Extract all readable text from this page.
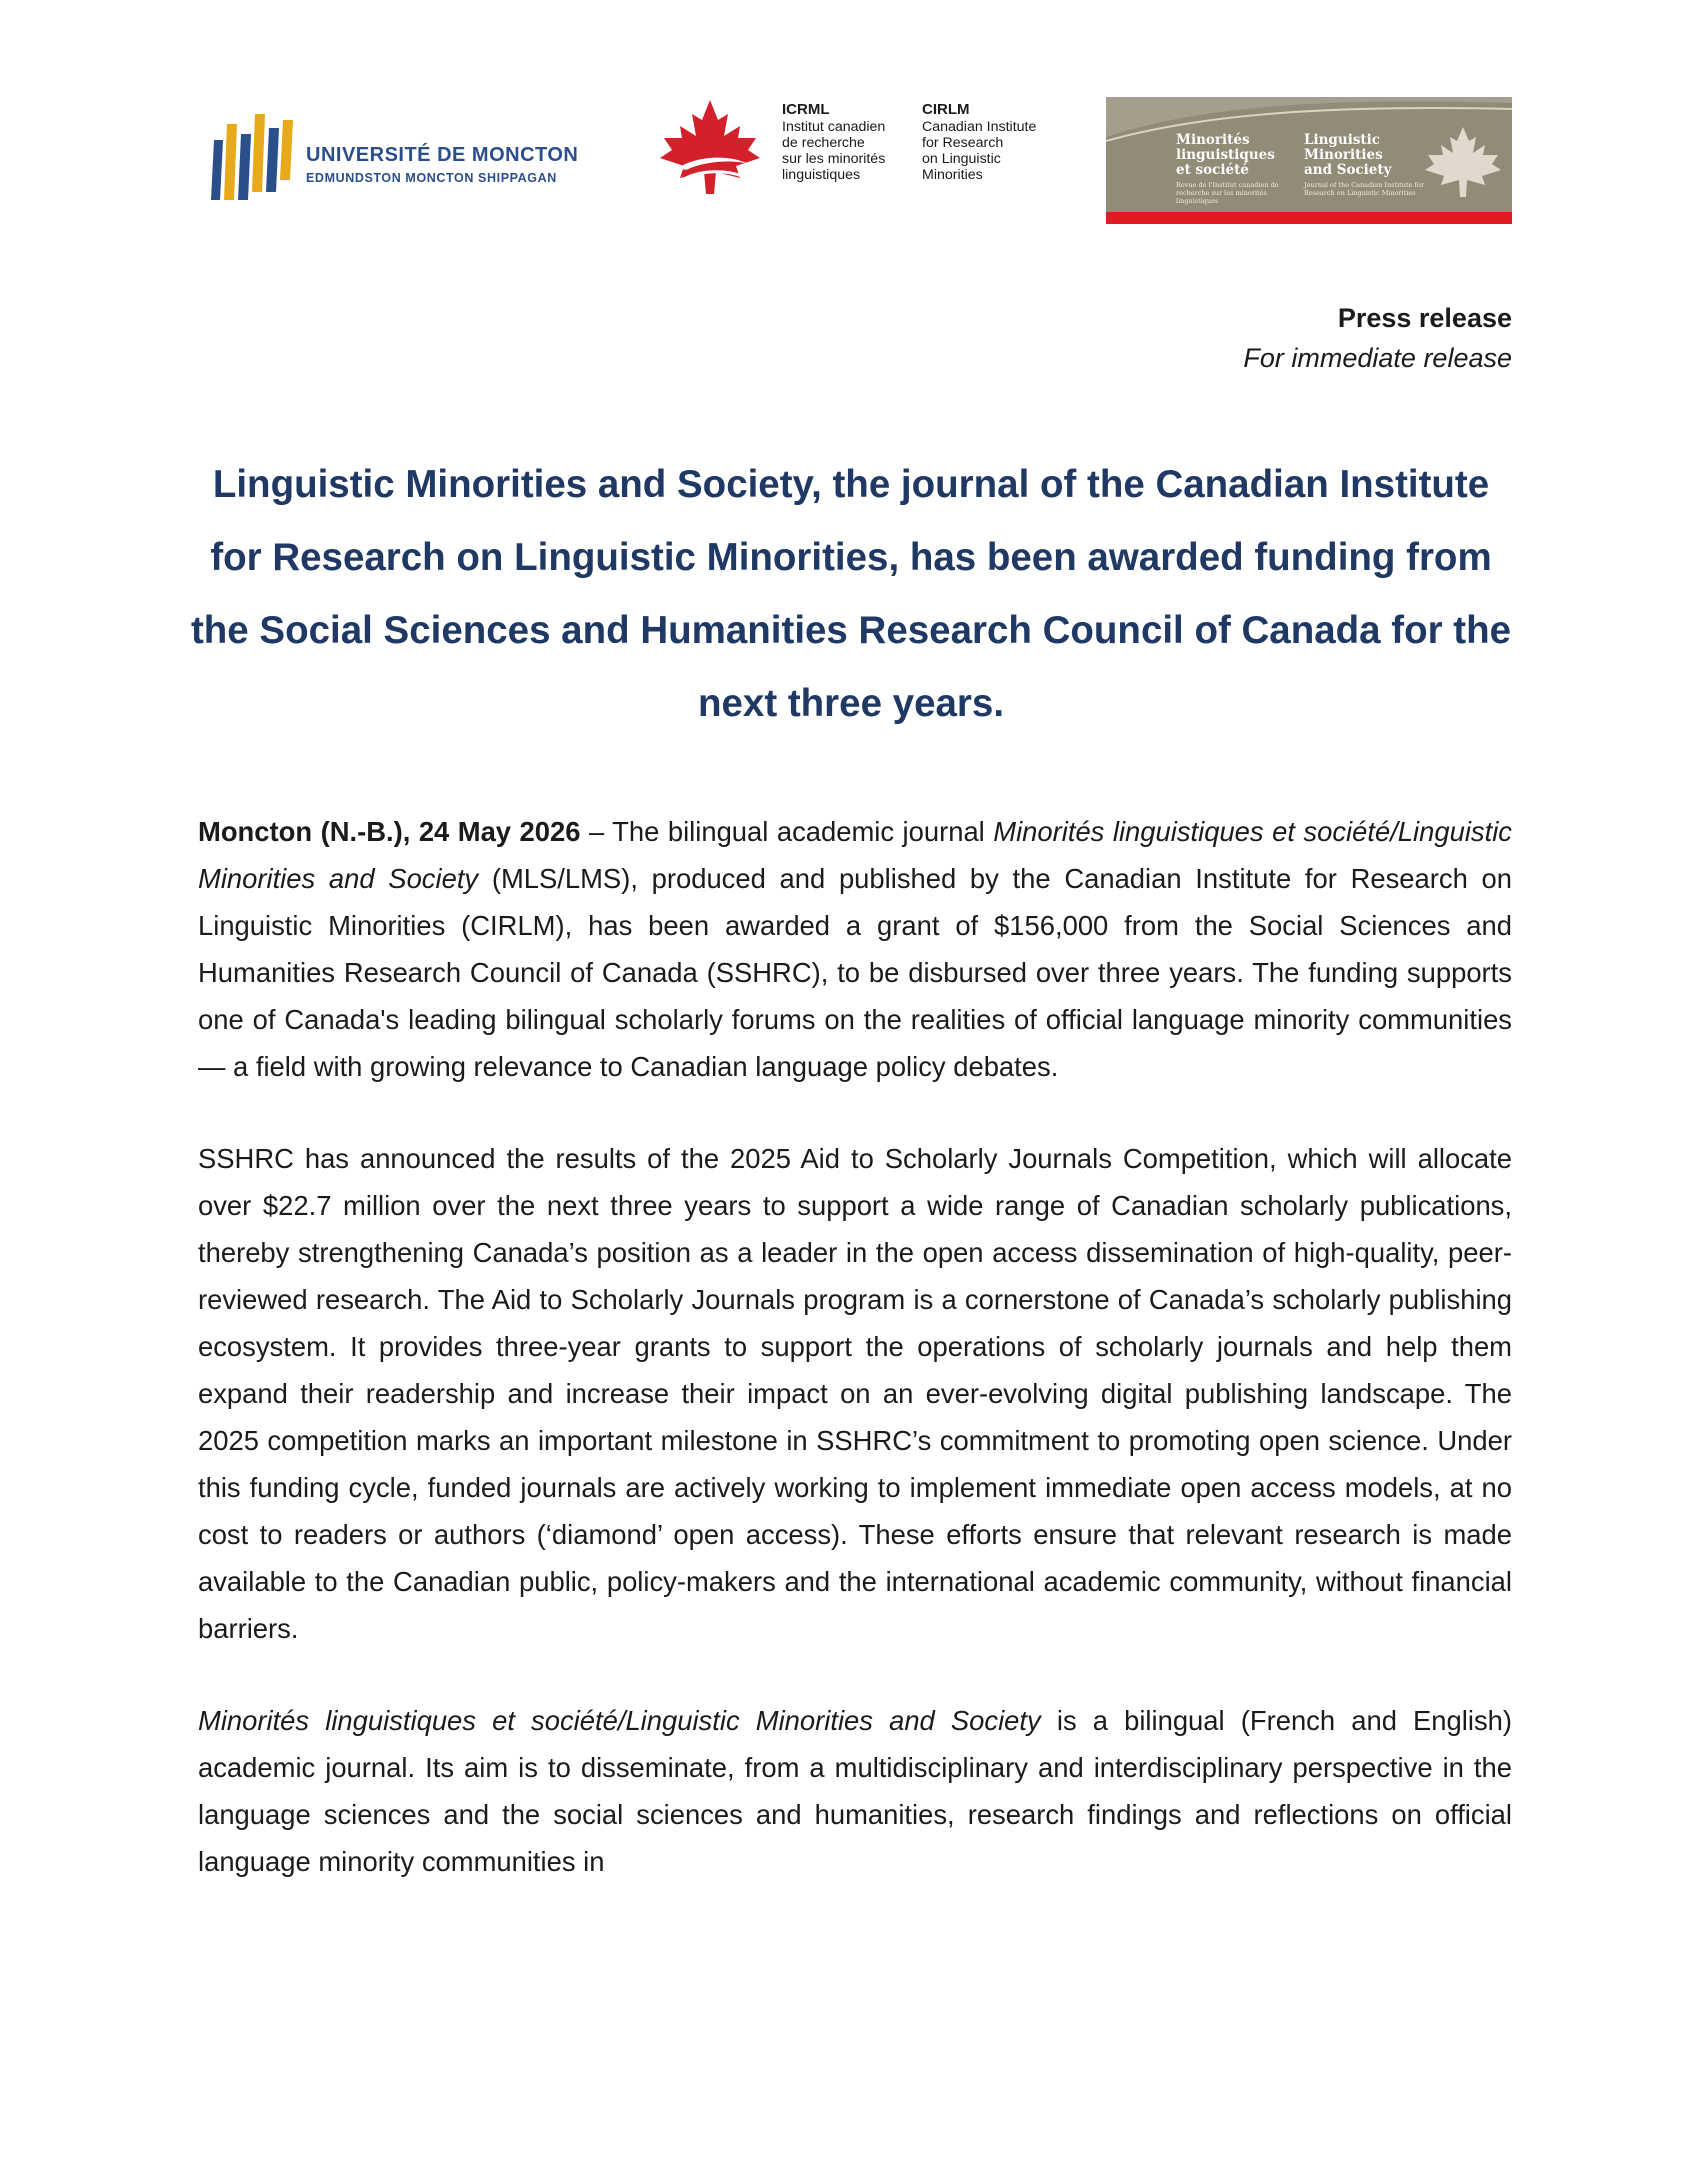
UNIVERSITÉ DE MONCTON
EDMUNDSTON MONCTON SHIPPAGAN
ICRML
Institut canadien
de recherche
sur les minorités
linguistiques
CIRLM
Canadian Institute
for Research
on Linguistic
Minorities
Minorités
linguistiques
et société
Revue de l'Institut canadien de recherche sur les minorités linguistiques
Linguistic
Minorities
and Society
Journal of the Canadian Institute for Research on Linguistic Minorities
Press release
For immediate release
Linguistic Minorities and Society, the journal of the Canadian Institute for Research on Linguistic Minorities, has been awarded funding from the Social Sciences and Humanities Research Council of Canada for the next three years.

Moncton (N.-B.), 24 May 2026 – The bilingual academic journal Minorités linguistiques et société/Linguistic Minorities and Society (MLS/LMS), produced and published by the Canadian Institute for Research on Linguistic Minorities (CIRLM), has been awarded a grant of $156,000 from the Social Sciences and Humanities Research Council of Canada (SSHRC), to be disbursed over three years. The funding supports one of Canada's leading bilingual scholarly forums on the realities of official language minority communities — a field with growing relevance to Canadian language policy debates.

SSHRC has announced the results of the 2025 Aid to Scholarly Journals Competition, which will allocate over $22.7 million over the next three years to support a wide range of Canadian scholarly publications, thereby strengthening Canada’s position as a leader in the open access dissemination of high-quality, peer-reviewed research. The Aid to Scholarly Journals program is a cornerstone of Canada’s scholarly publishing ecosystem. It provides three-year grants to support the operations of scholarly journals and help them expand their readership and increase their impact on an ever-evolving digital publishing landscape. The 2025 competition marks an important milestone in SSHRC’s commitment to promoting open science. Under this funding cycle, funded journals are actively working to implement immediate open access models, at no cost to readers or authors (‘diamond’ open access). These efforts ensure that relevant research is made available to the Canadian public, policy-makers and the international academic community, without financial barriers.

Minorités linguistiques et société/Linguistic Minorities and Society is a bilingual (French and English) academic journal. Its aim is to disseminate, from a multidisciplinary and interdisciplinary perspective in the language sciences and the social sciences and humanities, research findings and reflections on official language minority communities in
